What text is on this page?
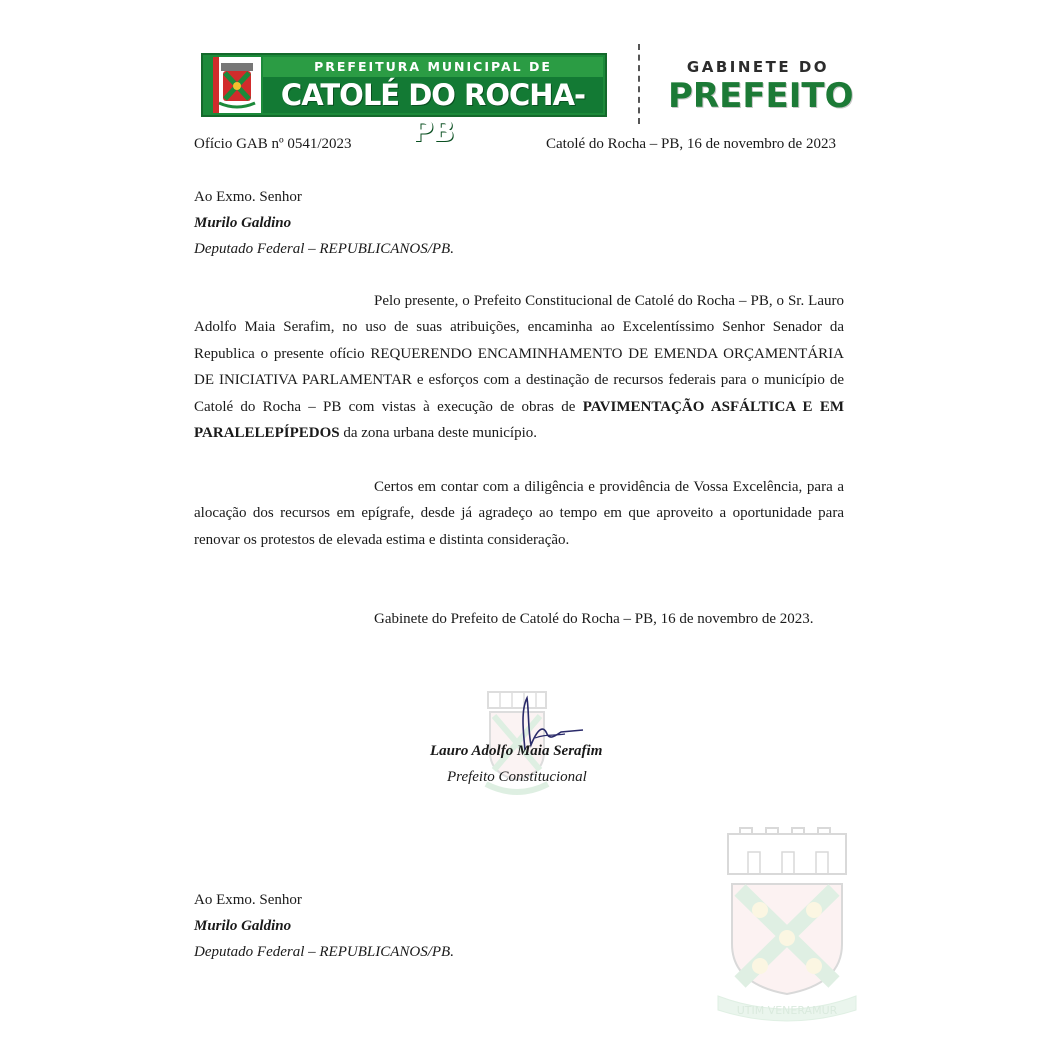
PREFEITURA MUNICIPAL DE
CATOLÉ DO ROCHA-PB
GABINETE DO
PREFEITO
Ofício GAB nº 0541/2023	Catolé do Rocha – PB, 16 de novembro de 2023
Ao Exmo. Senhor
Murilo Galdino
Deputado Federal – REPUBLICANOS/PB.
Pelo presente, o Prefeito Constitucional de Catolé do Rocha – PB, o Sr. Lauro Adolfo Maia Serafim, no uso de suas atribuições, encaminha ao Excelentíssimo Senhor Senador da Republica o presente ofício REQUERENDO ENCAMINHAMENTO DE EMENDA ORÇAMENTÁRIA DE INICIATIVA PARLAMENTAR e esforços com a destinação de recursos federais para o município de Catolé do Rocha – PB com vistas à execução de obras de PAVIMENTAÇÃO ASFÁLTICA E EM PARALELEPÍPEDOS da zona urbana deste município.
Certos em contar com a diligência e providência de Vossa Excelência, para a alocação dos recursos em epígrafe, desde já agradeço ao tempo em que aproveito a oportunidade para renovar os protestos de elevada estima e distinta consideração.
Gabinete do Prefeito de Catolé do Rocha – PB, 16 de novembro de 2023.
Lauro Adolfo Maia Serafim
Prefeito Constitucional
Ao Exmo. Senhor
Murilo Galdino
Deputado Federal – REPUBLICANOS/PB.
UTIM VENERAMUR
